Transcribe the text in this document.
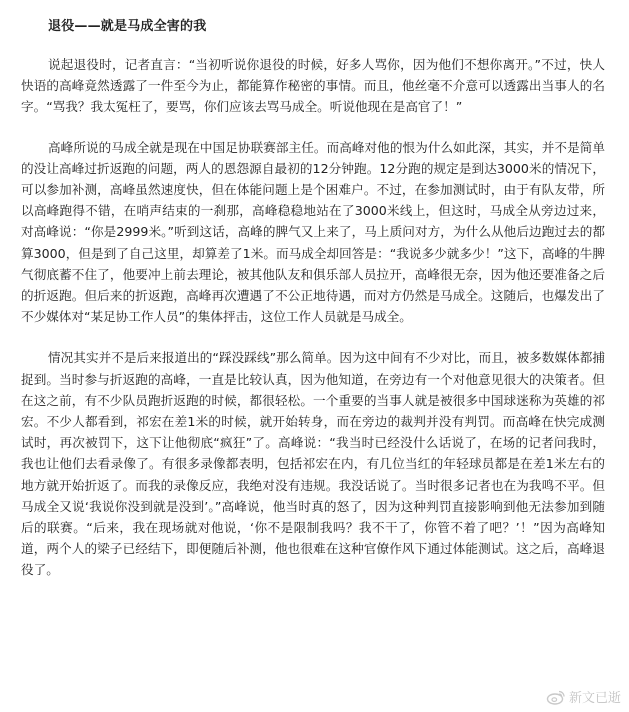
退役——就是马成全害的我

说起退役时，记者直言：“当初听说你退役的时候，好多人骂你，因为他们不想你离开。”不过，快人快语的高峰竟然透露了一件至今为止，都能算作秘密的事情。而且，他丝毫不介意可以透露出当事人的名字。“骂我？我太冤枉了，要骂，你们应该去骂马成全。听说他现在是高官了！”

高峰所说的马成全就是现在中国足协联赛部主任。而高峰对他的恨为什么如此深，其实，并不是简单的没让高峰过折返跑的问题，两人的恩怨源自最初的12分钟跑。12分跑的规定是到达3000米的情况下，可以参加补测，高峰虽然速度快，但在体能问题上是个困难户。不过，在参加测试时，由于有队友带，所以高峰跑得不错，在哨声结束的一刹那，高峰稳稳地站在了3000米线上，但这时，马成全从旁边过来，对高峰说：“你是2999米。”听到这话，高峰的脾气又上来了，马上质问对方，为什么从他后边跑过去的都算3000，但是到了自己这里，却算差了1米。而马成全却回答是：“我说多少就多少！”这下，高峰的牛脾气彻底蓄不住了，他要冲上前去理论，被其他队友和俱乐部人员拉开，高峰很无奈，因为他还要准备之后的折返跑。但后来的折返跑，高峰再次遭遇了不公正地待遇，而对方仍然是马成全。这随后，也爆发出了不少媒体对“某足协工作人员”的集体抨击，这位工作人员就是马成全。

情况其实并不是后来报道出的“踩没踩线”那么简单。因为这中间有不少对比，而且，被多数媒体都捕捉到。当时参与折返跑的高峰，一直是比较认真，因为他知道，在旁边有一个对他意见很大的决策者。但在这之前，有不少队员跑折返跑的时候，都很轻松。一个重要的当事人就是被很多中国球迷称为英雄的祁宏。不少人都看到，祁宏在差1米的时候，就开始转身，而在旁边的裁判并没有判罚。而高峰在快完成测试时，再次被罚下，这下让他彻底“疯狂”了。高峰说：“我当时已经没什么话说了，在场的记者问我时，我也让他们去看录像了。有很多录像都表明，包括祁宏在内，有几位当红的年轻球员都是在差1米左右的地方就开始折返了。而我的录像反应，我绝对没有违规。我没话说了。当时很多记者也在为我鸣不平。但马成全又说‘我说你没到就是没到’。”高峰说，他当时真的怒了，因为这种判罚直接影响到他无法参加到随后的联赛。“后来，我在现场就对他说，‘你不是限制我吗？我不干了，你管不着了吧？’！”因为高峰知道，两个人的梁子已经结下，即便随后补测，他也很难在这种官僚作风下通过体能测试。这之后，高峰退役了。

新文已逝
